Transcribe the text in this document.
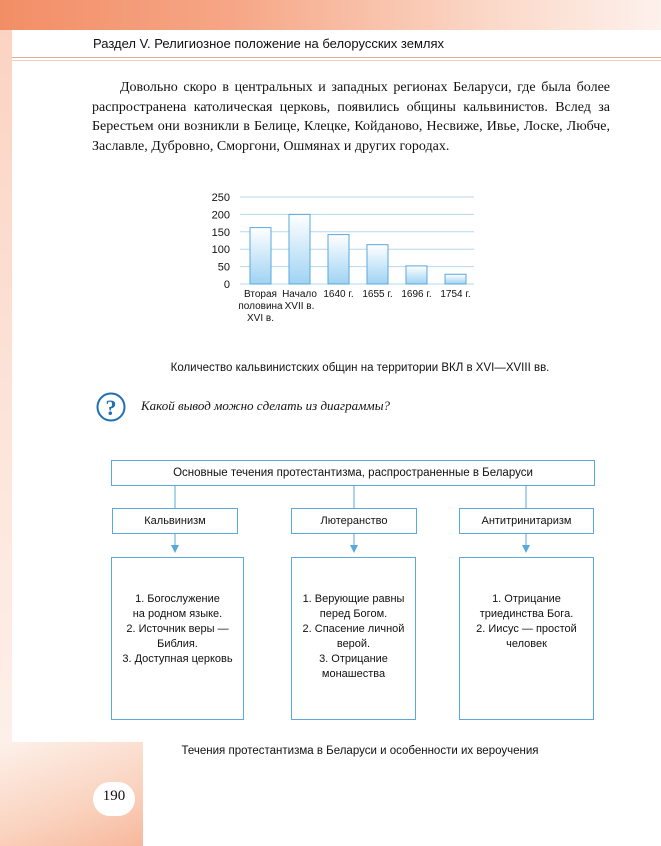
Раздел V. Религиозное положение на белорусских землях

Довольно скоро в центральных и западных регионах Беларуси, где была более распространена католическая церковь, появились общины кальвинистов. Вслед за Берестьем они возникли в Белице, Клецке, Койданово, Несвиже, Ивье, Лоске, Любче, Заславле, Дубровно, Сморгони, Ошмянах и других городах.

250
200
150
100
50
0
Вторая
половина
XVI в.
Начало
XVII в.
1640 г. 1655 г. 1696 г. 1754 г.
Количество кальвинистских общин на территории ВКЛ в XVI—XVIII вв.
? Какой вывод можно сделать из диаграммы?
Основные течения протестантизма, распространенные в Беларуси
Кальвинизм	Лютеранство	Антитринитаризм
1. Богослужение
на родном языке.
2. Источник веры —
Библия.
3. Доступная церковь
1. Верующие равны
перед Богом.
2. Спасение личной
верой.
3. Отрицание
монашества
1. Отрицание
триединства Бога.
2. Иисус — простой
человек
Течения протестантизма в Беларуси и особенности их вероучения
190
